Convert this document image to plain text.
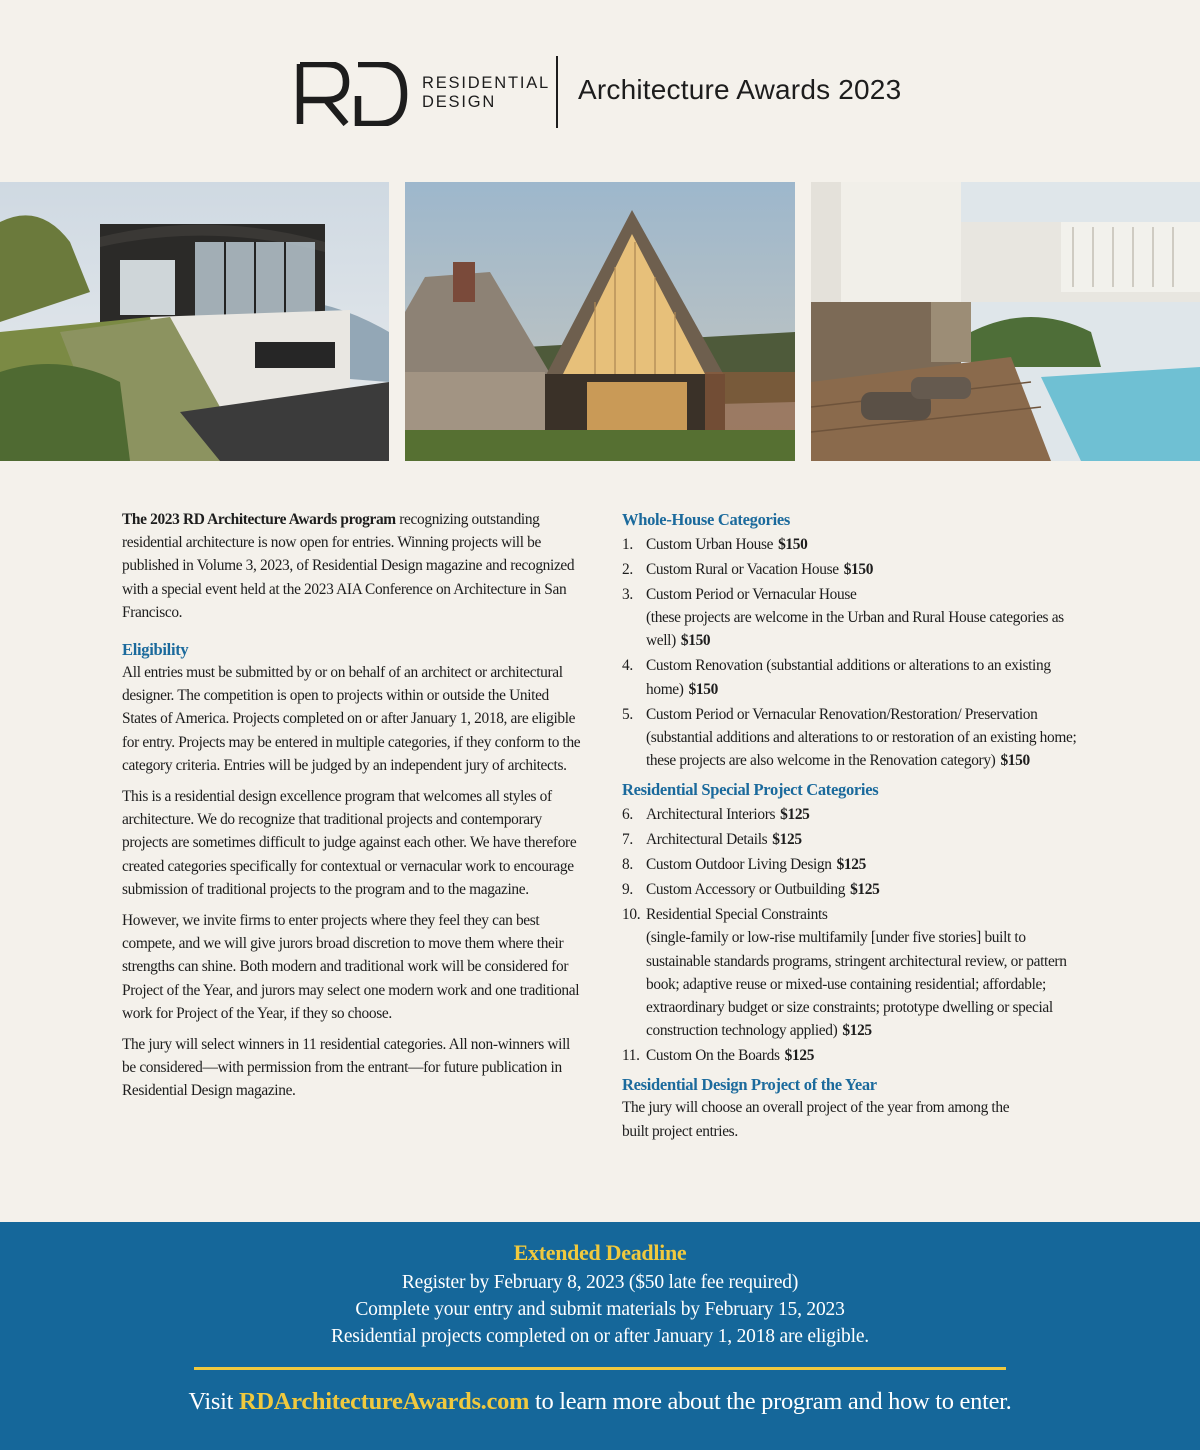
RESIDENTIAL
DESIGN	Architecture Awards 2023

The 2023 RD Architecture Awards program recognizing outstanding residential architecture is now open for entries. Winning projects will be published in Volume 3, 2023, of Residential Design magazine and recognized with a special event held at the 2023 AIA Conference on Architecture in San Francisco.

Eligibility

All entries must be submitted by or on behalf of an architect or architectural designer. The competition is open to projects within or outside the United States of America. Projects completed on or after January 1, 2018, are eligible for entry. Projects may be entered in multiple categories, if they conform to the category criteria. Entries will be judged by an independent jury of architects.

This is a residential design excellence program that welcomes all styles of architecture. We do recognize that traditional projects and contemporary projects are sometimes difficult to judge against each other. We have therefore created categories specifically for contextual or vernacular work to encourage submission of traditional projects to the program and to the magazine.

However, we invite firms to enter projects where they feel they can best compete, and we will give jurors broad discretion to move them where their strengths can shine. Both modern and traditional work will be considered for Project of the Year, and jurors may select one modern work and one traditional work for Project of the Year, if they so choose.

The jury will select winners in 11 residential categories. All non-winners will be considered—with permission from the entrant—for future publication in Residential Design magazine.

Whole-House Categories
1. Custom Urban House $150
2. Custom Rural or Vacation House $150
3. Custom Period or Vernacular House
(these projects are welcome in the Urban and Rural House categories as well) $150
4. Custom Renovation (substantial additions or alterations to an existing home) $150
5. Custom Period or Vernacular Renovation/Restoration/ Preservation (substantial additions and alterations to or restoration of an existing home; these projects are also welcome in the Renovation category) $150
Residential Special Project Categories
6. Architectural Interiors $125
7. Architectural Details $125
8. Custom Outdoor Living Design $125
9. Custom Accessory or Outbuilding $125
10. Residential Special Constraints
(single-family or low-rise multifamily [under five stories] built to sustainable standards programs, stringent architectural review, or pattern book; adaptive reuse or mixed-use containing residential; affordable; extraordinary budget or size constraints; prototype dwelling or special construction technology applied) $125
11. Custom On the Boards $125
Residential Design Project of the Year

The jury will choose an overall project of the year from among the built project entries.

Extended Deadline
Register by February 8, 2023 ($50 late fee required)
Complete your entry and submit materials by February 15, 2023
Residential projects completed on or after January 1, 2018 are eligible.
Visit RDArchitectureAwards.com to learn more about the program and how to enter.
